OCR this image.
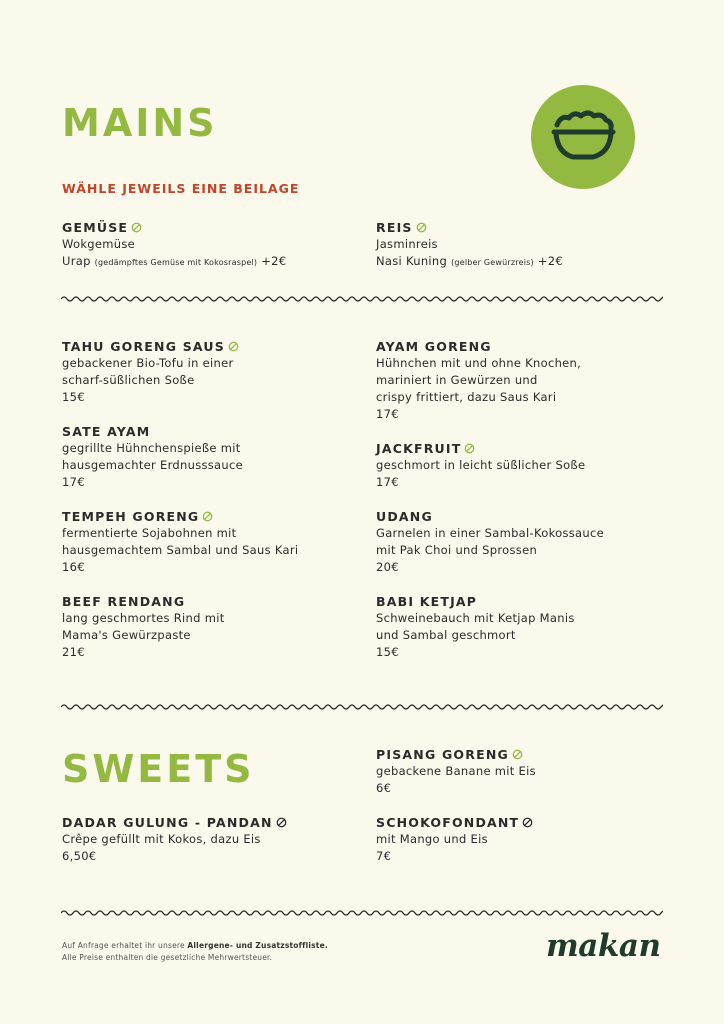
MAINS
WÄHLE JEWEILS EINE BEILAGE
GEMÜSE
Wokgemüse
Urap (gedämpftes Gemüse mit Kokosraspel) +2€
REIS
Jasminreis
Nasi Kuning (gelber Gewürzreis) +2€
TAHU GORENG SAUS
gebackener Bio-Tofu in einer
scharf-süßlichen Soße
15€
SATE AYAM
gegrillte Hühnchenspieße mit
hausgemachter Erdnusssauce
17€
TEMPEH GORENG
fermentierte Sojabohnen mit
hausgemachtem Sambal und Saus Kari
16€
BEEF RENDANG
lang geschmortes Rind mit
Mama's Gewürzpaste
21€
AYAM GORENG
Hühnchen mit und ohne Knochen,
mariniert in Gewürzen und
crispy frittiert, dazu Saus Kari
17€
JACKFRUIT
geschmort in leicht süßlicher Soße
17€
UDANG
Garnelen in einer Sambal-Kokossauce
mit Pak Choi und Sprossen
20€
BABI KETJAP
Schweinebauch mit Ketjap Manis
und Sambal geschmort
15€
SWEETS	PISANG GORENG
gebackene Banane mit Eis
6€
DADAR GULUNG - PANDAN
Crêpe gefüllt mit Kokos, dazu Eis
6,50€
SCHOKOFONDANT
mit Mango und Eis
7€
Auf Anfrage erhaltet ihr unsere Allergene- und Zusatzstoffliste.
Alle Preise enthalten die gesetzliche Mehrwertsteuer.	makan
